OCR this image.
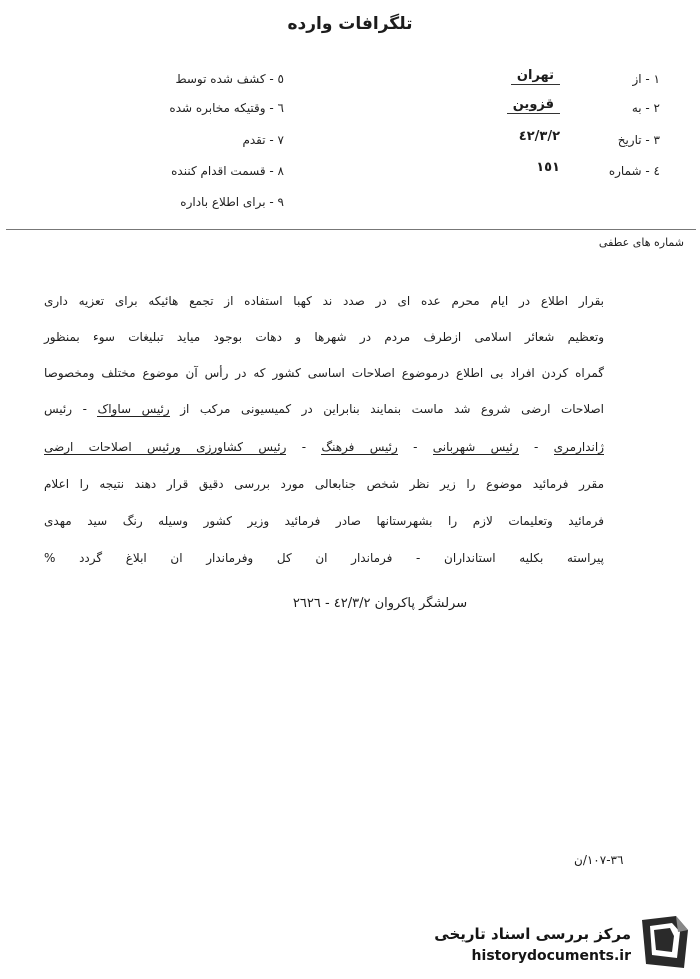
تلگرافات وارده
١ - از
تهران
٢ - به
قزوین
٣ - تاریخ
٤٢/٣/٢
٤ - شماره
١٥١
٥ - کشف شده توسط
٦ - وقتیکه مخابره شده
٧ - تقدم
٨ - قسمت اقدام کننده
٩ - برای اطلاع باداره
شماره های عطفی
بقرار اطلاع در ایام محرم عده ای در صدد ند کهبا استفاده از تجمع هائیکه برای تعزیه داری
وتعظیم شعائر اسلامی ازطرف مردم در شهرها و دهات بوجود میاید تبلیغات سوء بمنظور
گمراه کردن افراد بی اطلاع درموضوع اصلاحات اساسی کشور که در رأس آن موضوع مختلف ومخصوصا
اصلاحات ارضی شروع شد ماست بنمایند بنابراین در کمیسیونی مرکب از رئیس ساواک - رئیس
ژاندارمری - رئیس شهربانی - رئیس فرهنگ - رئیس کشاورزی ورئیس اصلاحات ارضی
مقرر فرمائید موضوع را زیر نظر شخص جنابعالی مورد بررسی دقیق قرار دهند نتیجه را اعلام
فرمائید وتعلیمات لازم را بشهرستانها صادر فرمائید وزیر کشور وسیله رنگ سید مهدی
پیراسته بکلیه استانداران - فرماندار ان کل وفرماندار ان ابلاغ گردد %
سرلشگر پاکروان ٤٢/٣/٢ - ٢٦٢٦
٣٦-١٠٧/ن
مرکز بررسی اسناد تاریخی
historydocuments.ir
